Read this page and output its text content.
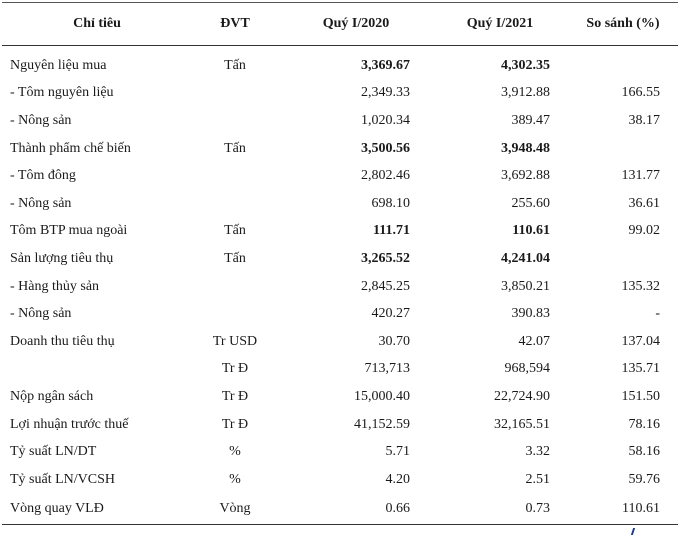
Chỉ tiêu	ĐVT	Quý I/2020	Quý I/2021	So sánh (%)
Nguyên liệu mua	Tấn	3,369.67	4,302.35	
- Tôm nguyên liệu		2,349.33	3,912.88	166.55
- Nông sản		1,020.34	389.47	38.17
Thành phẩm chế biến	Tấn	3,500.56	3,948.48	
- Tôm đông		2,802.46	3,692.88	131.77
- Nông sản		698.10	255.60	36.61
Tôm BTP mua ngoài	Tấn	111.71	110.61	99.02
Sản lượng tiêu thụ	Tấn	3,265.52	4,241.04	
- Hàng thủy sản		2,845.25	3,850.21	135.32
- Nông sản		420.27	390.83	-
Doanh thu tiêu thụ	Tr USD	30.70	42.07	137.04
	Tr Đ	713,713	968,594	135.71
Nộp ngân sách	Tr Đ	15,000.40	22,724.90	151.50
Lợi nhuận trước thuế	Tr Đ	41,152.59	32,165.51	78.16
Tỷ suất LN/DT	%	5.71	3.32	58.16
Tỷ suất LN/VCSH	%	4.20	2.51	59.76
Vòng quay VLĐ	Vòng	0.66	0.73	110.61
